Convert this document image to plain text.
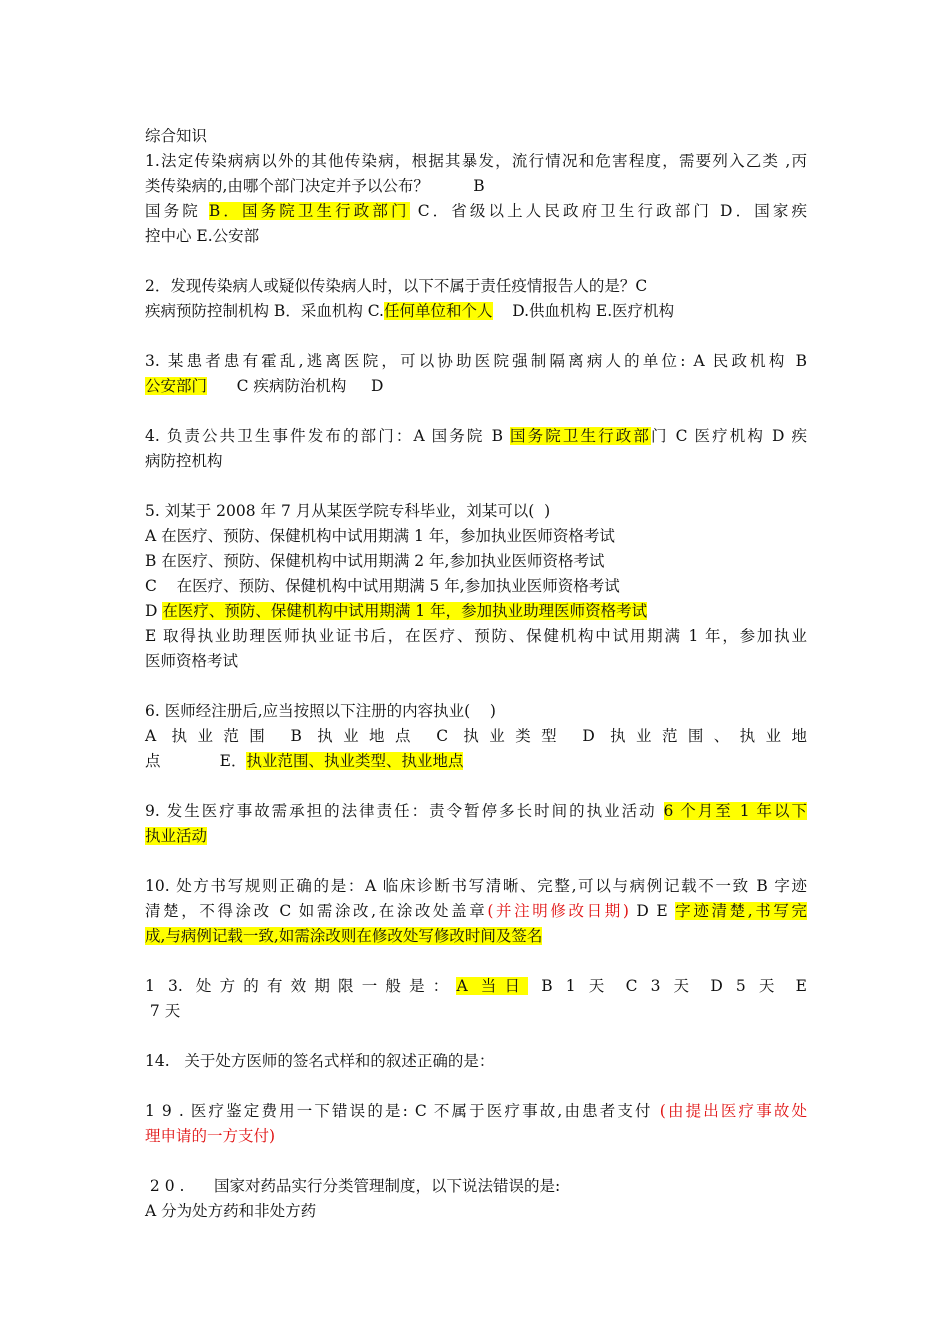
综合知识
1.法定传染病病以外的其他传染病，根据其暴发，流行情况和危害程度，需要列入乙类 ,丙
类传染病的,由哪个部门决定并予以公布？         B
国务院 B．国务院卫生行政部门 C．省级以上人民政府卫生行政部门 D．国家疾
控中心 E.公安部
2．发现传染病人或疑似传染病人时，以下不属于责任疫情报告人的是？C
疾病预防控制机构 B．采血机构 C.任何单位和个人    D.供血机构 E.医疗机构
3. 某患者患有霍乱,逃离医院，可以协助医院强制隔离病人的单位: A 民政机构 B
公安部门      C 疾病防治机构     D
4. 负责公共卫生事件发布的部门：A 国务院 B 国务院卫生行政部门 C 医疗机构 D 疾
病防控机构
5. 刘某于 2008 年 7 月从某医学院专科毕业，刘某可以(  )
A 在医疗、预防、保健机构中试用期满 1 年，参加执业医师资格考试
B 在医疗、预防、保健机构中试用期满 2 年,参加执业医师资格考试
C    在医疗、预防、保健机构中试用期满 5 年,参加执业医师资格考试
D 在医疗、预防、保健机构中试用期满 1 年，参加执业助理医师资格考试
E 取得执业助理医师执业证书后，在医疗、预防、保健机构中试用期满 1 年，参加执业
医师资格考试
6. 医师经注册后,应当按照以下注册的内容执业(    )
A 执业范围 B 执业地点 C 执业类型 D 执业范围、执业地
点            E．执业范围、执业类型、执业地点
9. 发生医疗事故需承担的法律责任：责令暂停多长时间的执业活动 6 个月至 1 年以下
执业活动
10. 处方书写规则正确的是：A 临床诊断书写清晰、完整,可以与病例记载不一致 B 字迹
清楚，不得涂改 C 如需涂改,在涂改处盖章(并注明修改日期) D E 字迹清楚,书写完
成,与病例记载一致,如需涂改则在修改处写修改时间及签名
1 3. 处方的有效期限一般是：A 当日 B 1 天 C 3 天 D 5 天 E
7 天
14.   关于处方医师的签名式样和的叙述正确的是：
1 9 . 医疗鉴定费用一下错误的是: C 不属于医疗事故,由患者支付 (由提出医疗事故处
理申请的一方支付)
2 0 .      国家对药品实行分类管理制度，以下说法错误的是:
A 分为处方药和非处方药
